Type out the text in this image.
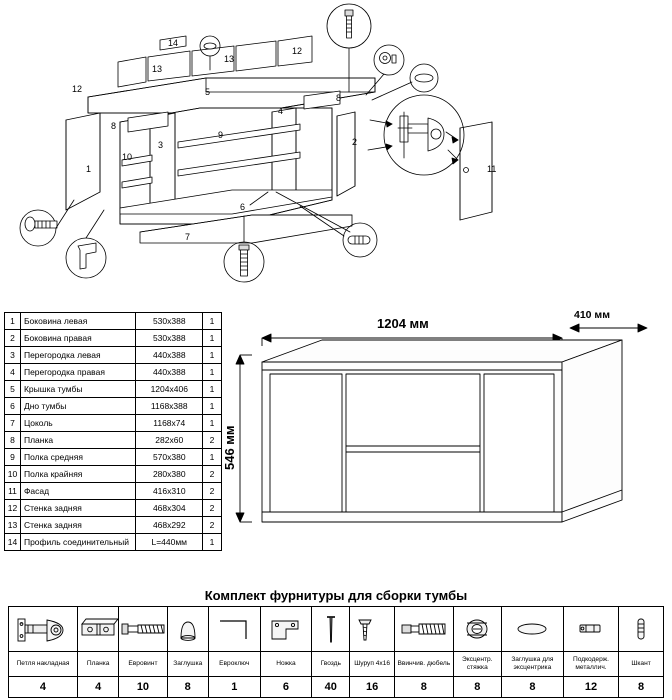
14
13
13
12
12	5
4
8
8
9
3
10
1
2
6
7
11
1	Боковина левая	530х388	1
2	Боковина правая	530х388	1
3	Перегородка левая	440х388	1
4	Перегородка правая	440х388	1
5	Крышка тумбы	1204х406	1
6	Дно тумбы	1168х388	1
7	Цоколь	1168х74	1
8	Планка	282х60	2
9	Полка средняя	570х380	1
10	Полка крайняя	280х380	2
11	Фасад	416х310	2
12	Стенка задняя	468х304	2
13	Стенка задняя	468х292	2
14	Профиль соединительный	L=440мм	1
1204 мм
410 мм
546 мм
Комплект фурнитуры для сборки тумбы

Петля накладная	Планка	Евровинт	Заглушка	Евроключ	Ножка	Гвоздь	Шуруп 4х16	Ввинчив. дюбель	Эксцентр. стяжка	Заглушка для эксцентрика	Подкодерж. металлич.	Шкант
4	4	10	8	1	6	40	16	8	8	8	12	8
